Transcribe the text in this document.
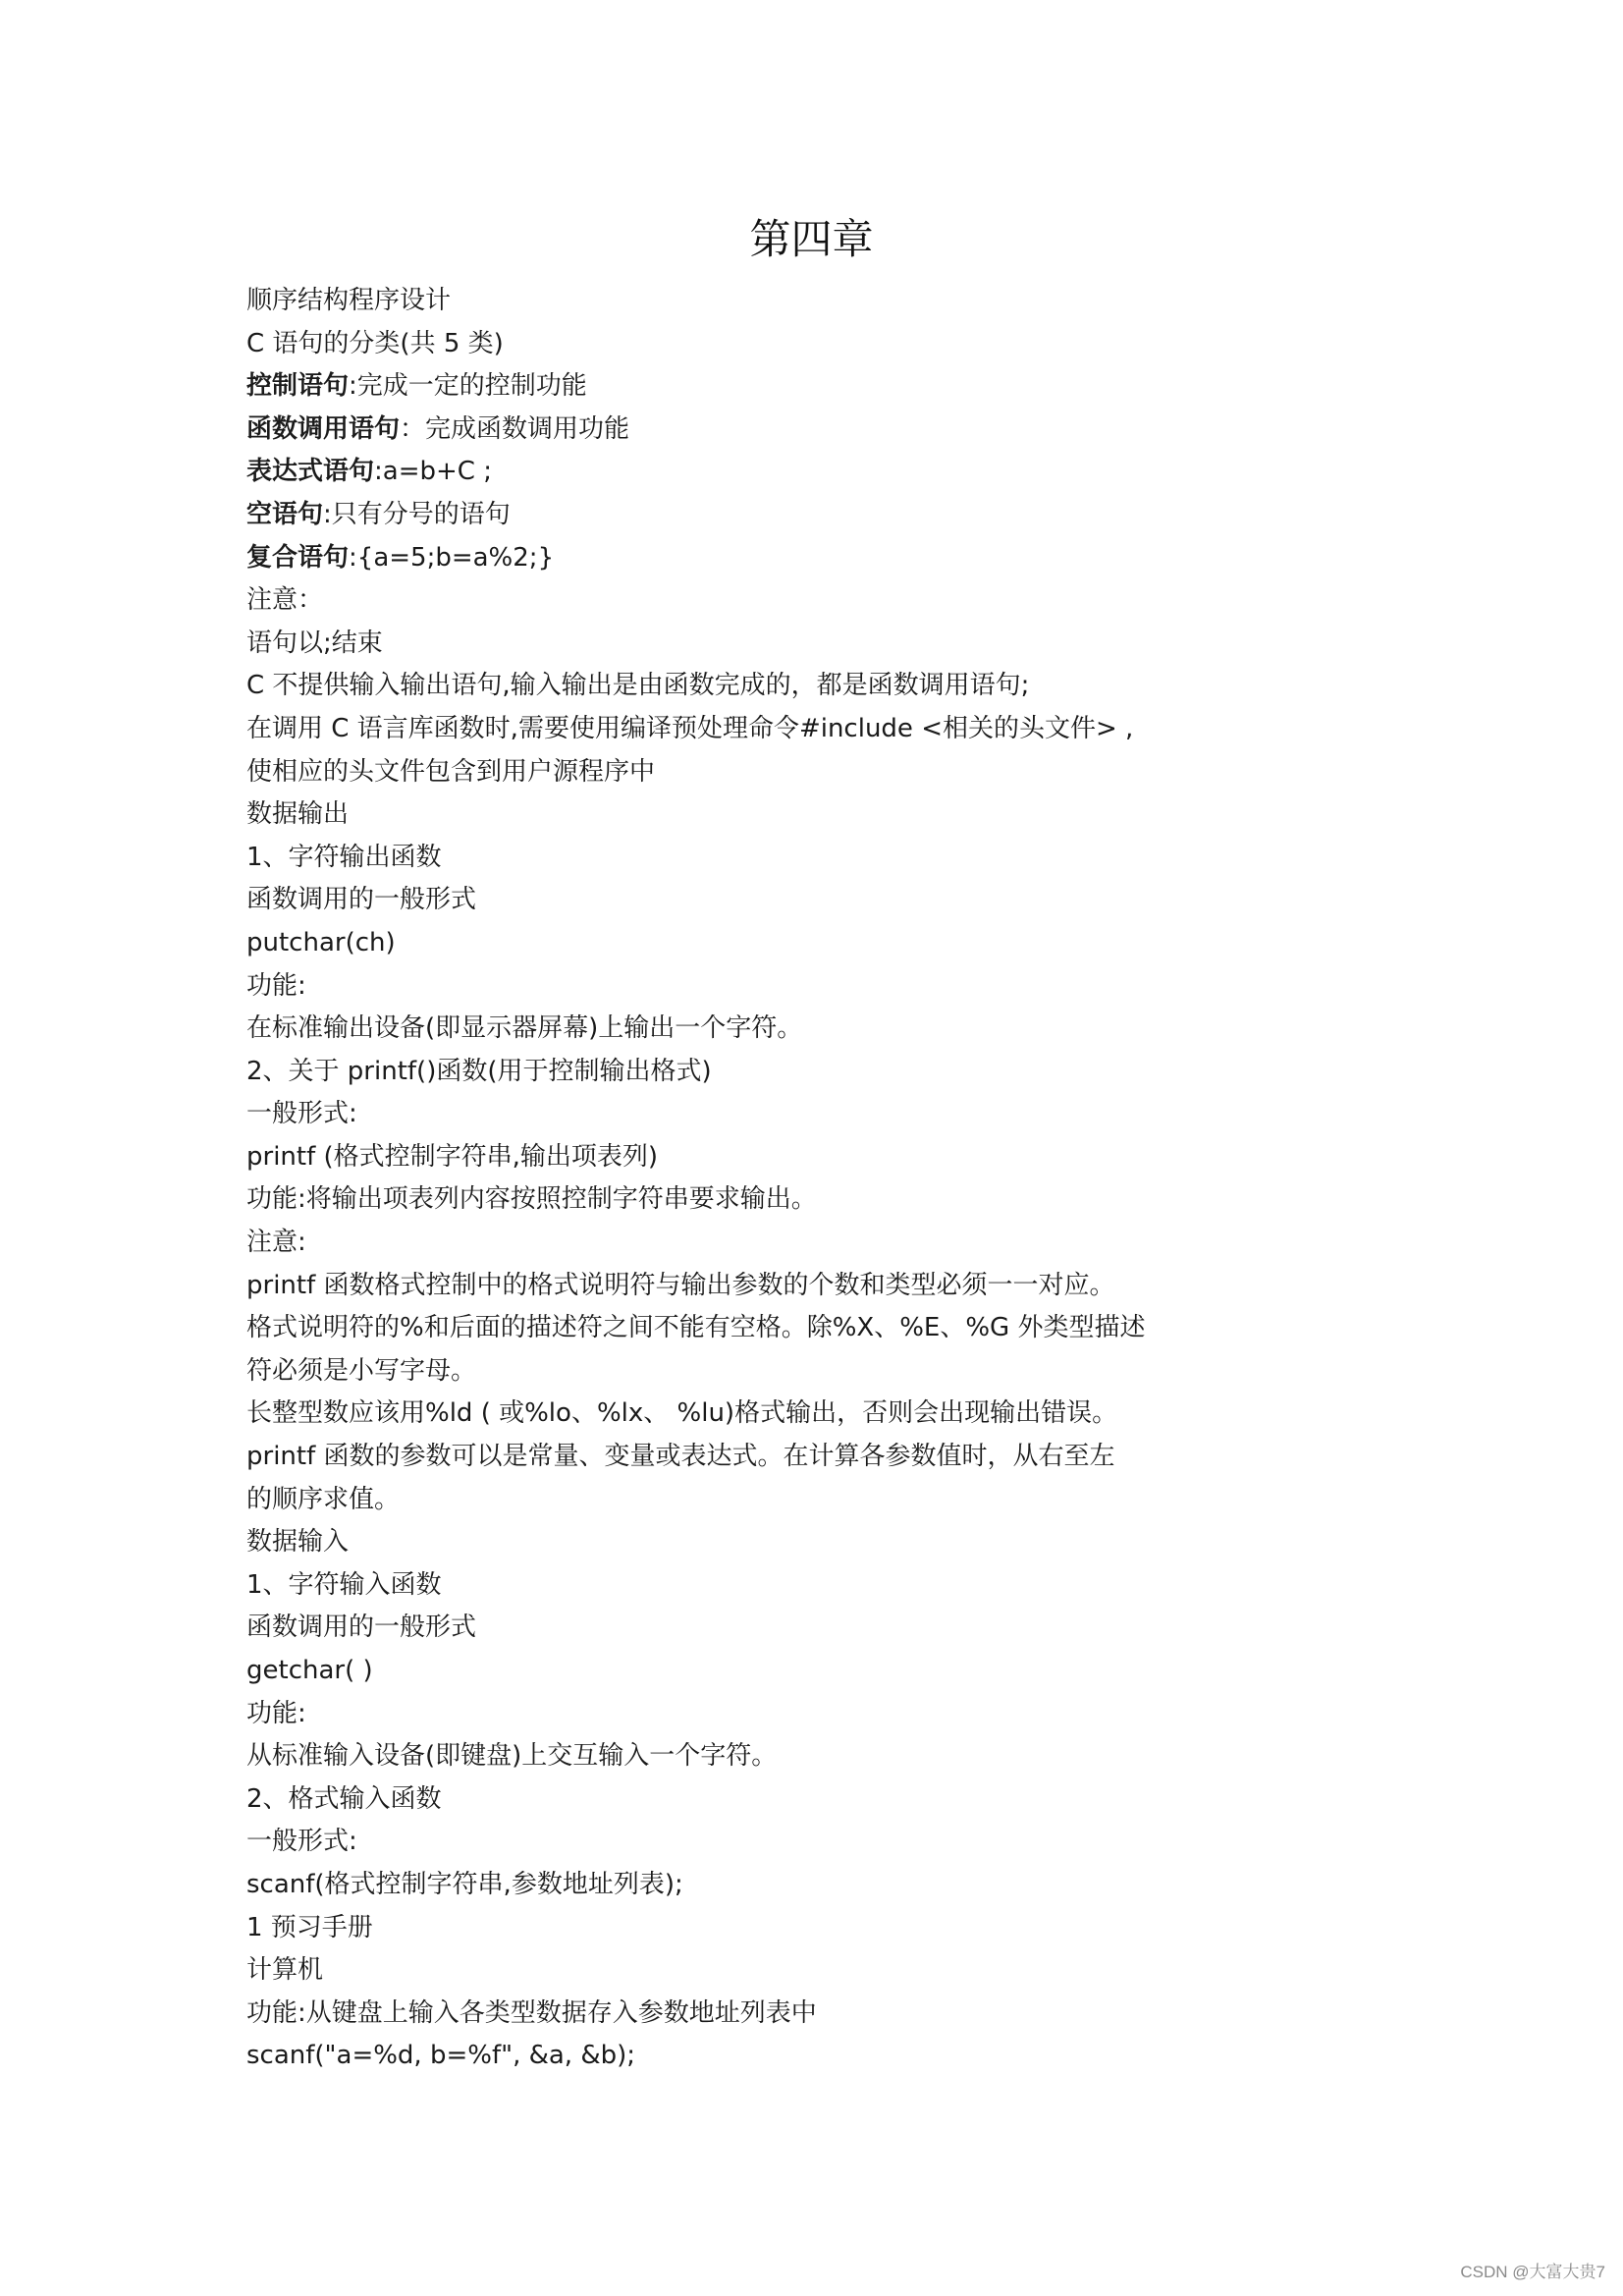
第四章
顺序结构程序设计
C 语句的分类(共 5 类)
控制语句:完成一定的控制功能
函数调用语句：完成函数调用功能
表达式语句:a=b+C ;
空语句:只有分号的语句
复合语句:{a=5;b=a%2;}
注意：
语句以;结束
C 不提供输入输出语句,输入输出是由函数完成的，都是函数调用语句;
在调用 C 语言库函数时,需要使用编译预处理命令#include <相关的头文件> ,
使相应的头文件包含到用户源程序中
数据输出
1、字符输出函数
函数调用的一般形式
putchar(ch)
功能:
在标准输出设备(即显示器屏幕)上输出一个字符。
2、关于 printf()函数(用于控制输出格式)
一般形式:
printf (格式控制字符串,输出项表列)
功能:将输出项表列内容按照控制字符串要求输出。
注意:
printf 函数格式控制中的格式说明符与输出参数的个数和类型必须一一对应。
格式说明符的%和后面的描述符之间不能有空格。除%X、%E、%G 外类型描述
符必须是小写字母。
长整型数应该用%ld ( 或%lo、%lx、 %lu)格式输出，否则会出现输出错误。
printf 函数的参数可以是常量、变量或表达式。在计算各参数值时，从右至左
的顺序求值。
数据输入
1、字符输入函数
函数调用的一般形式
getchar( )
功能:
从标准输入设备(即键盘)上交互输入一个字符。
2、格式输入函数
一般形式:
scanf(格式控制字符串,参数地址列表);
1 预习手册
计算机
功能:从键盘上输入各类型数据存入参数地址列表中
scanf("a=%d, b=%f", &a, &b);
CSDN @大富大贵7
